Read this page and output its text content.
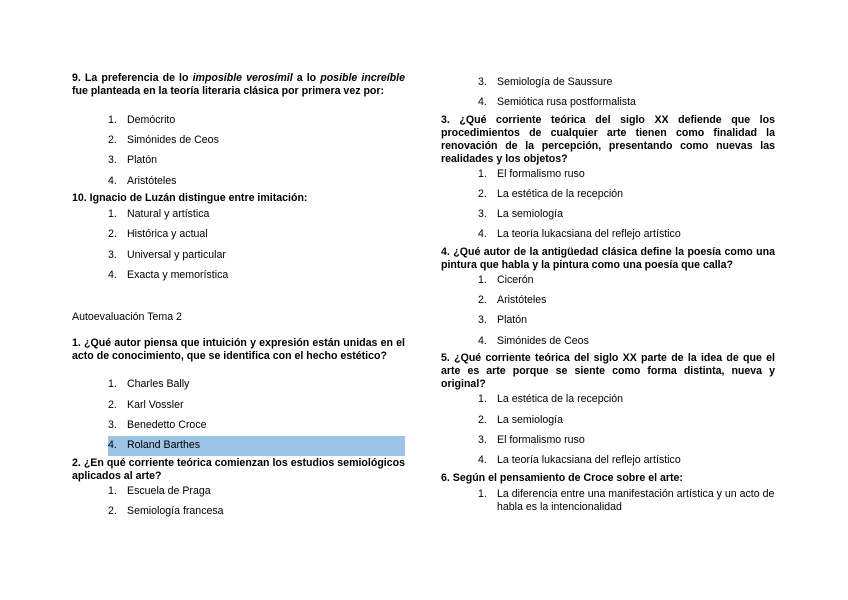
9. La preferencia de lo imposible verosímil a lo posible increíble fue planteada en la teoría literaria clásica por primera vez por:

1. Demócrito
2. Simónides de Ceos
3. Platón
4. Aristóteles

10. Ignacio de Luzán distingue entre imitación:

1. Natural y artística
2. Histórica y actual
3. Universal y particular
4. Exacta y memorística
Autoevaluación Tema 2

1. ¿Qué autor piensa que intuición y expresión están unidas en el acto de conocimiento, que se identifica con el hecho estético?

1. Charles Bally
2. Karl Vossler
3. Benedetto Croce
4. Roland Barthes

2. ¿En qué corriente teórica comienzan los estudios semiológicos aplicados al arte?

1. Escuela de Praga
2. Semiología francesa
3. Semiología de Saussure
4. Semiótica rusa postformalista

3. ¿Qué corriente teórica del siglo XX defiende que los procedimientos de cualquier arte tienen como finalidad la renovación de la percepción, presentando como nuevas las realidades y los objetos?

1. El formalismo ruso
2. La estética de la recepción
3. La semiología
4. La teoría lukacsiana del reflejo artístico

4. ¿Qué autor de la antigüedad clásica define la poesía como una pintura que habla y la pintura como una poesía que calla?

1. Cicerón
2. Aristóteles
3. Platón
4. Simónides de Ceos

5. ¿Qué corriente teórica del siglo XX parte de la idea de que el arte es arte porque se siente como forma distinta, nueva y original?

1. La estética de la recepción
2. La semiología
3. El formalismo ruso
4. La teoría lukacsiana del reflejo artístico

6. Según el pensamiento de Croce sobre el arte:

1. La diferencia entre una manifestación artística y un acto de habla es la intencionalidad
